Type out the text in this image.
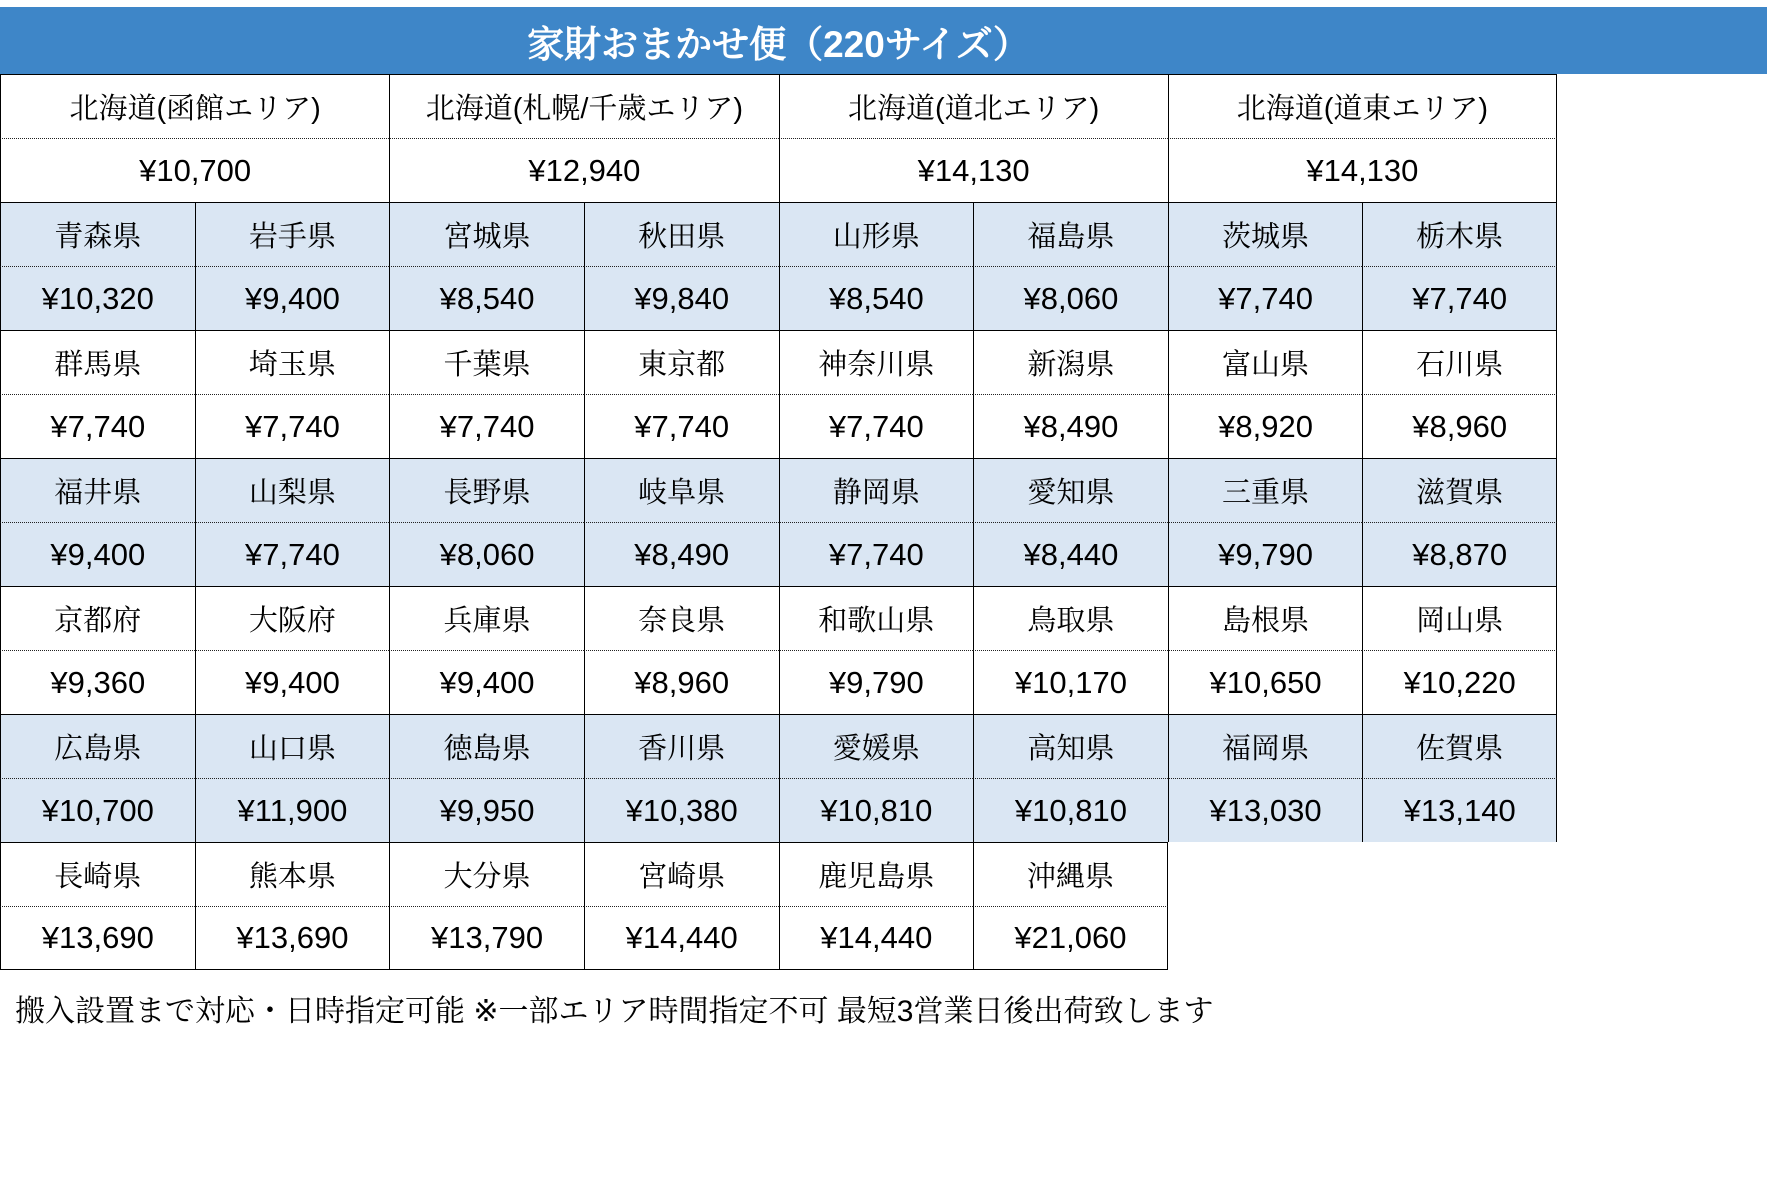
家財おまかせ便（220サイズ）
北海道(函館エリア)	北海道(札幌/千歳エリア)	北海道(道北エリア)	北海道(道東エリア)
¥10,700	¥12,940	¥14,130	¥14,130
青森県	岩手県	宮城県	秋田県	山形県	福島県	茨城県	栃木県
¥10,320	¥9,400	¥8,540	¥9,840	¥8,540	¥8,060	¥7,740	¥7,740
群馬県	埼玉県	千葉県	東京都	神奈川県	新潟県	富山県	石川県
¥7,740	¥7,740	¥7,740	¥7,740	¥7,740	¥8,490	¥8,920	¥8,960
福井県	山梨県	長野県	岐阜県	静岡県	愛知県	三重県	滋賀県
¥9,400	¥7,740	¥8,060	¥8,490	¥7,740	¥8,440	¥9,790	¥8,870
京都府	大阪府	兵庫県	奈良県	和歌山県	鳥取県	島根県	岡山県
¥9,360	¥9,400	¥9,400	¥8,960	¥9,790	¥10,170	¥10,650	¥10,220
広島県	山口県	徳島県	香川県	愛媛県	高知県	福岡県	佐賀県
¥10,700	¥11,900	¥9,950	¥10,380	¥10,810	¥10,810	¥13,030	¥13,140
長崎県	熊本県	大分県	宮崎県	鹿児島県	沖縄県
¥13,690	¥13,690	¥13,790	¥14,440	¥14,440	¥21,060
搬入設置まで対応・日時指定可能 ※一部エリア時間指定不可 最短3営業日後出荷致します
